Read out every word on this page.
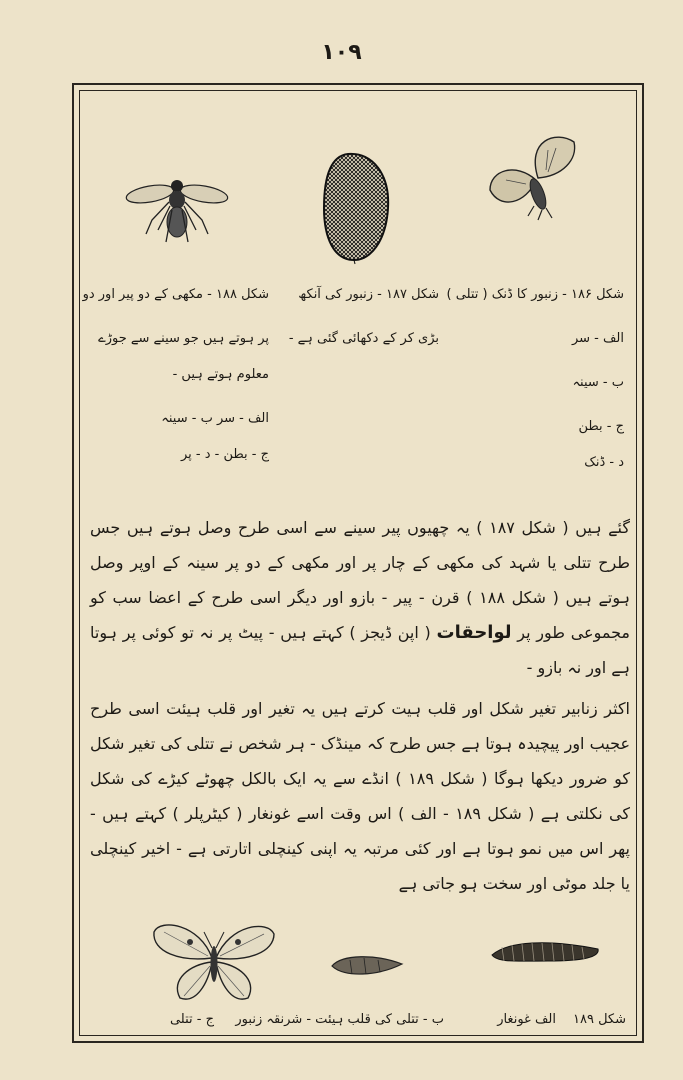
١٠٩
شکل ۱۸۶ - زنبور کا ڈنک ( تتلی )
الف - سر
ب - سینہ
ج - بطن
د - ڈنک
شکل ۱۸۷ - زنبور کی آنکھ
بڑی کر کے دکھائی گئی ہے -
شکل ۱۸۸ - مکھی کے دو پیر اور دو
پر ہوتے ہیں جو سینے سے جوڑے
معلوم ہوتے ہیں -
الف - سر ب - سینہ
ج - بطن - د - پر

گئے ہیں ( شکل ۱۸۷ ) یہ چھیوں پیر سینے سے اسی طرح وصل ہوتے ہیں جس طرح تتلی یا شہد کی مکھی کے چار پر اور مکھی کے دو پر سینہ کے اوپر وصل ہوتے ہیں ( شکل ۱۸۸ ) قرن - پیر - بازو اور دیگر اسی طرح کے اعضا سب کو مجموعی طور پر لواحقات ( اپن ڈیجز ) کہتے ہیں - پیٹ پر نہ تو کوئی پر ہوتا ہے اور نہ بازو -

اکثر زنابیر تغیر شکل اور قلب ہیت کرتے ہیں یہ تغیر اور قلب ہیئت اسی طرح عجیب اور پیچیدہ ہوتا ہے جس طرح کہ مینڈک - ہر شخص نے تتلی کی تغیر شکل کو ضرور دیکھا ہوگا ( شکل ۱۸۹ ) انڈے سے یہ ایک بالکل چھوٹے کیڑے کی شکل کی نکلتی ہے ( شکل ۱۸۹ - الف ) اس وقت اسے غونغار ( کیٹرپلر ) کہتے ہیں - پھر اس میں نمو ہوتا ہے اور کئی مرتبہ یہ اپنی کینچلی اتارتی ہے - اخیر کینچلی یا جلد موٹی اور سخت ہو جاتی ہے

شکل ۱۸۹
الف غونغار
ب - تتلی کی قلب ہیئت - شرنقہ زنبور
ج - تتلی
